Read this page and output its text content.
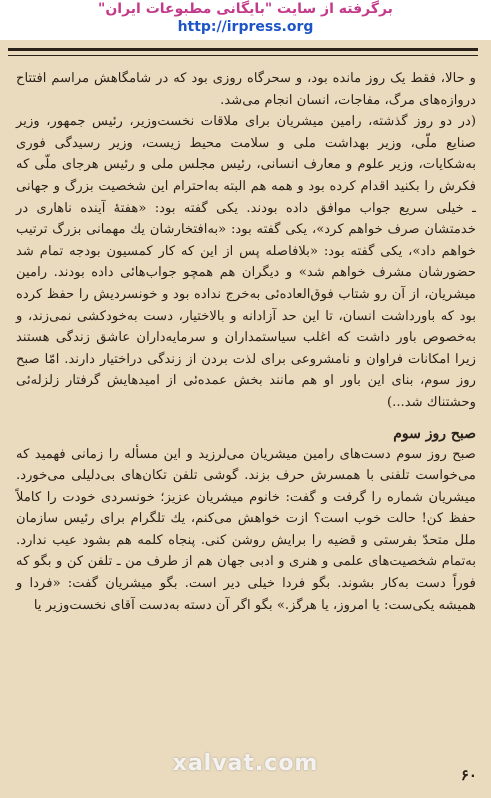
برگرفته از سایت "بایگانی مطبوعات ایران"
http://irpress.org

و حالا، فقط یک روز مانده بود، و سحرگاه روزی بود که در شامگاهش مراسم افتتاح دروازه‌های مرگ، مفاجات، انسان انجام می‌شد.

(در دو روز گذشته، رامین میشریان برای ملاقات نخست‌وزیر، رئیس جمهور، وزیر صنایع ملّی، وزیر بهداشت ملی و سلامت محیط زیست، وزیر رسیدگی فوری به‌شکایات، وزیر علوم و معارف انسانی، رئیس مجلس ملی و رئیس هرجای ملّی که فکرش را بکنید اقدام کرده بود و همه هم البته به‌احترام این شخصیت بزرگ و جهانی ـ خیلی سریع جواب موافق داده بودند. یکی گفته بود: «هفتهٔ آینده ناهاری در خدمتشان صرف خواهم کرد»، یکی گفته بود: «به‌افتخارشان یك مهمانی بزرگ ترتیب خواهم داد»، یکی گفته بود: «بلافاصله پس از این که کار کمسیون بودجه تمام شد حضورشان مشرف خواهم شد» و دیگران هم همچو جواب‌هائی داده بودند. رامین میشریان، از آن رو شتاب فوق‌العاده‌ئی به‌خرج نداده بود و خونسردیش را حفظ کرده بود که باورداشت انسان، تا این حد آزادانه و بالاختیار، دست به‌خودکشی نمی‌زند، و به‌خصوص باور داشت که اغلب سیاستمداران و سرمایه‌داران عاشق زندگی هستند زیرا امکانات فراوان و نامشروعی برای لذت بردن از زندگی دراختیار دارند. امّا صبح روز سوم، بنای این باور او هم مانند بخش عمده‌ئی از امیدهایش گرفتار زلزله‌ئی وحشتناك شد...)

صبح روز سوم

صبح روز سوم دست‌های رامین میشریان می‌لرزید و این مسأله را زمانی فهمید که می‌خواست تلفنی با همسرش حرف بزند. گوشی تلفن تکان‌های بی‌دلیلی می‌خورد. میشریان شماره را گرفت و گفت: خانوم میشریان عزیز؛ خونسردی خودت را کاملاً حفظ کن! حالت خوب است؟ ازت خواهش می‌کنم، یك تلگرام برای رئیس سازمان ملل متحدّ بفرستی و قضیه را برایش روشن کنی. پنجاه کلمه هم بشود عیب ندارد. به‌تمام شخصیت‌های علمی و هنری و ادبی جهان هم از طرف من ـ تلفن کن و بگو که فوراً دست به‌کار بشوند. بگو فردا خیلی دیر است. بگو میشریان گفت: «فردا و همیشه یکی‌ست: یا امروز، یا هرگز.» بگو اگر آن دسته به‌دست آقای نخست‌وزیر یا

xalvat.com	۶۰
